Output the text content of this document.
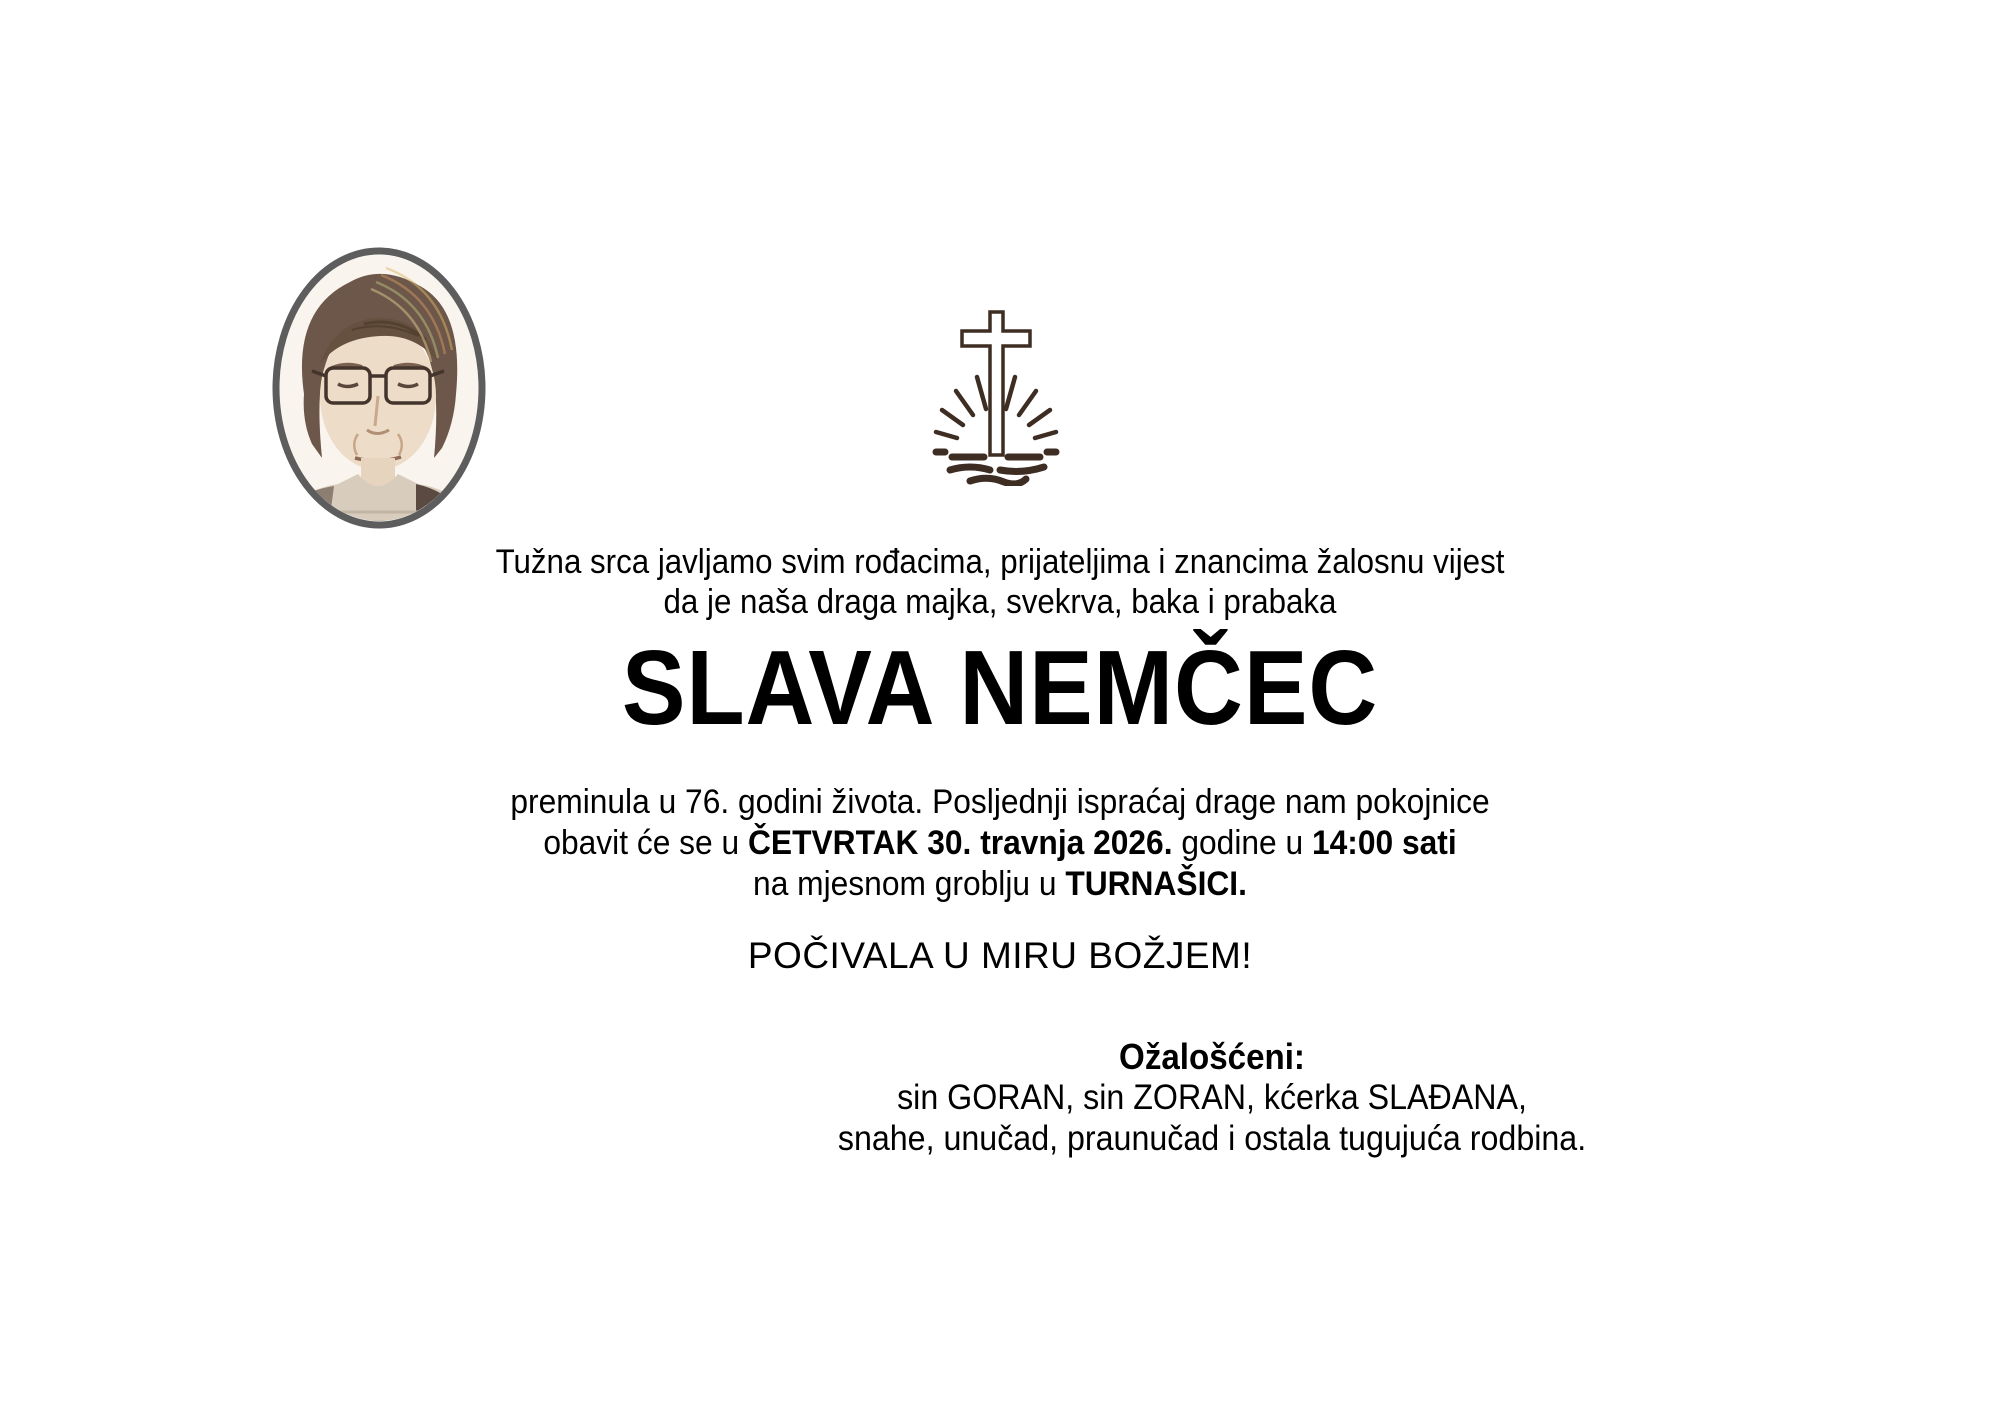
Tužna srca javljamo svim rođacima, prijateljima i znancima žalosnu vijest
da je naša draga majka, svekrva, baka i prabaka
SLAVA NEMČEC
preminula u 76. godini života. Posljednji ispraćaj drage nam pokojnice
obavit će se u ČETVRTAK 30. travnja 2026. godine u 14:00 sati
na mjesnom groblju u TURNAŠICI.
POČIVALA U MIRU BOŽJEM!
Ožalošćeni:
sin GORAN, sin ZORAN, kćerka SLAĐANA,
snahe, unučad, praunučad i ostala tugujuća rodbina.
